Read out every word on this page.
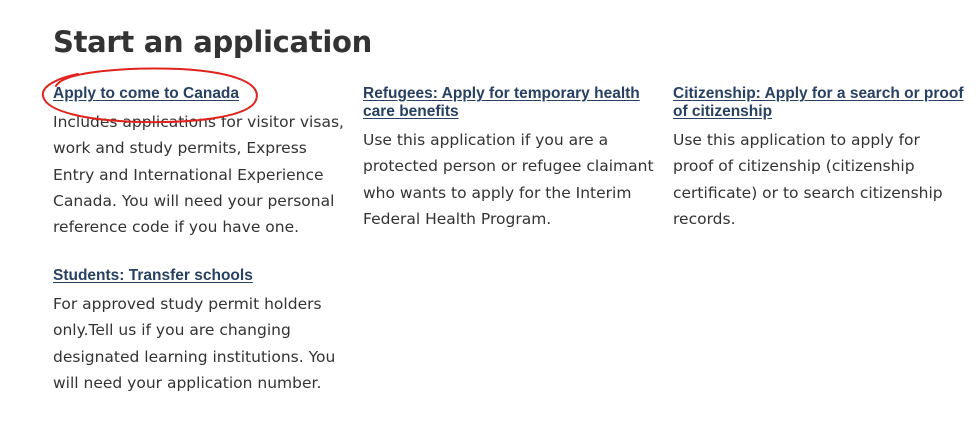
Start an application
Apply to come to Canada

Includes applications for visitor visas, work and study permits, Express Entry and International Experience Canada. You will need your personal reference code if you have one.

Refugees: Apply for temporary health care benefits

Use this application if you are a protected person or refugee claimant who wants to apply for the Interim Federal Health Program.

Citizenship: Apply for a search or proof of citizenship

Use this application to apply for proof of citizenship (citizenship certificate) or to search citizenship records.

Students: Transfer schools

For approved study permit holders only.Tell us if you are changing designated learning institutions. You will need your application number.
